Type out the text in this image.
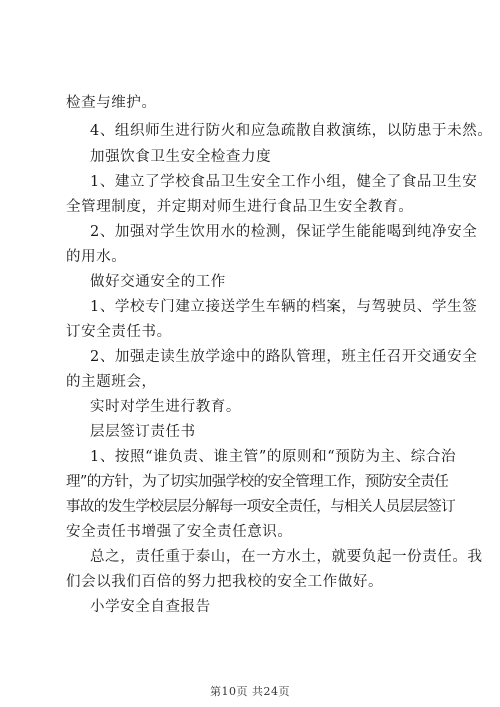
检查与维护。
4、组织师生进行防火和应急疏散自救演练，以防患于未然。
加强饮食卫生安全检查力度
1、建立了学校食品卫生安全工作小组，健全了食品卫生安
全管理制度，并定期对师生进行食品卫生安全教育。
2、加强对学生饮用水的检测，保证学生能能喝到纯净安全
的用水。
做好交通安全的工作
1、学校专门建立接送学生车辆的档案，与驾驶员、学生签
订安全责任书。
2、加强走读生放学途中的路队管理，班主任召开交通安全
的主题班会，
实时对学生进行教育。
层层签订责任书
1、按照“谁负责、谁主管”的原则和“预防为主、综合治
理”的方针，为了切实加强学校的安全管理工作，预防安全责任
事故的发生学校层层分解每一项安全责任，与相关人员层层签订
安全责任书增强了安全责任意识。
总之，责任重于泰山，在一方水土，就要负起一份责任。我
们会以我们百倍的努力把我校的安全工作做好。
小学安全自查报告
第10页 共24页
